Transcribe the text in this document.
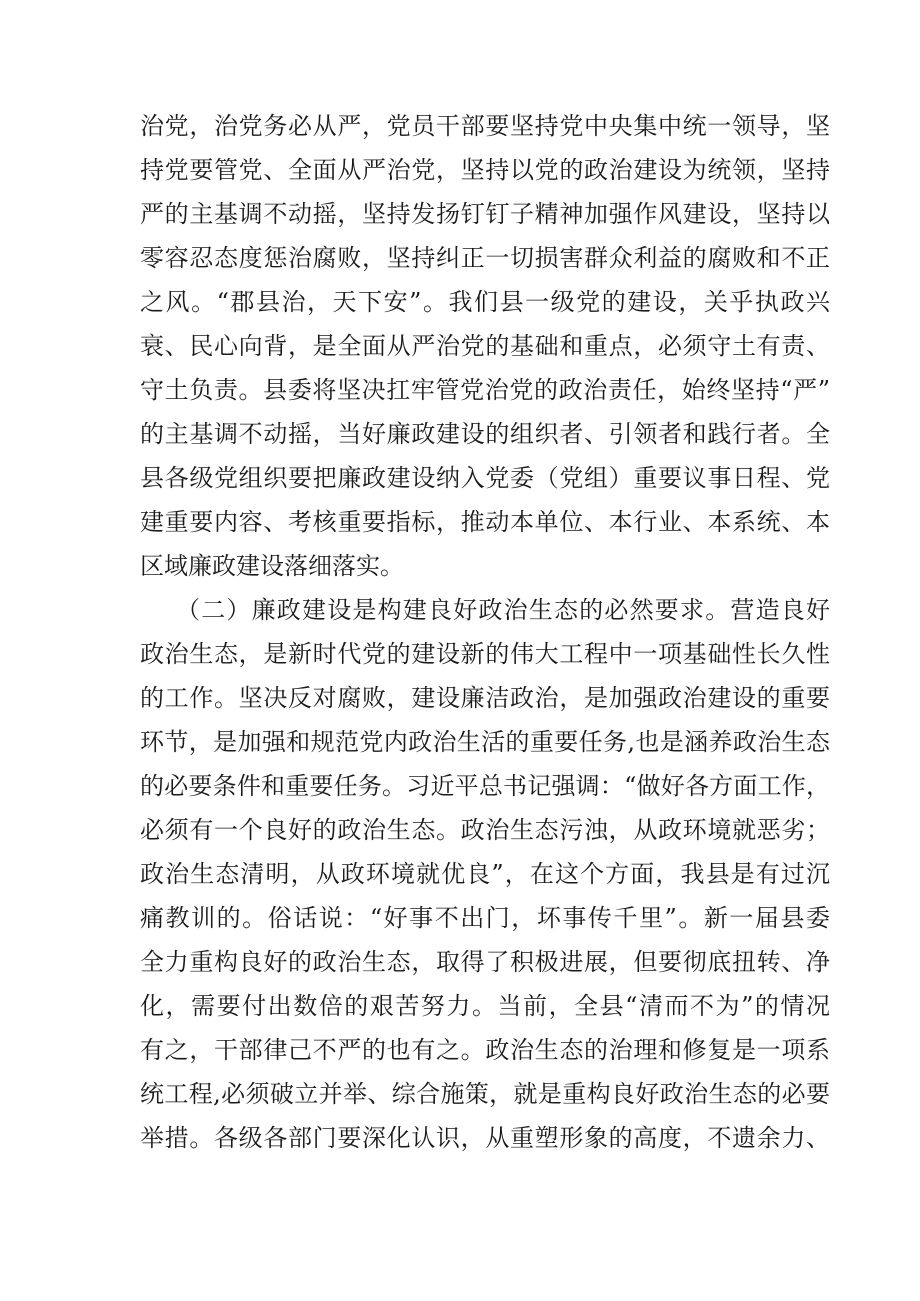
治党，治党务必从严，党员干部要坚持党中央集中统一领导，坚
持党要管党、全面从严治党，坚持以党的政治建设为统领，坚持
严的主基调不动摇，坚持发扬钉钉子精神加强作风建设，坚持以
零容忍态度惩治腐败，坚持纠正一切损害群众利益的腐败和不正
之风。“郡县治，天下安”。我们县一级党的建设，关乎执政兴
衰、民心向背，是全面从严治党的基础和重点，必须守土有责、
守土负责。县委将坚决扛牢管党治党的政治责任，始终坚持“严”
的主基调不动摇，当好廉政建设的组织者、引领者和践行者。全
县各级党组织要把廉政建设纳入党委（党组）重要议事日程、党
建重要内容、考核重要指标，推动本单位、本行业、本系统、本
区域廉政建设落细落实。
（二）廉政建设是构建良好政治生态的必然要求。营造良好
政治生态，是新时代党的建设新的伟大工程中一项基础性长久性
的工作。坚决反对腐败，建设廉洁政治，是加强政治建设的重要
环节，是加强和规范党内政治生活的重要任务,也是涵养政治生态
的必要条件和重要任务。习近平总书记强调：“做好各方面工作，
必须有一个良好的政治生态。政治生态污浊，从政环境就恶劣；
政治生态清明，从政环境就优良”，在这个方面，我县是有过沉
痛教训的。俗话说：“好事不出门，坏事传千里”。新一届县委
全力重构良好的政治生态，取得了积极进展，但要彻底扭转、净
化，需要付出数倍的艰苦努力。当前，全县“清而不为”的情况
有之，干部律己不严的也有之。政治生态的治理和修复是一项系
统工程,必须破立并举、综合施策，就是重构良好政治生态的必要
举措。各级各部门要深化认识，从重塑形象的高度，不遗余力、
